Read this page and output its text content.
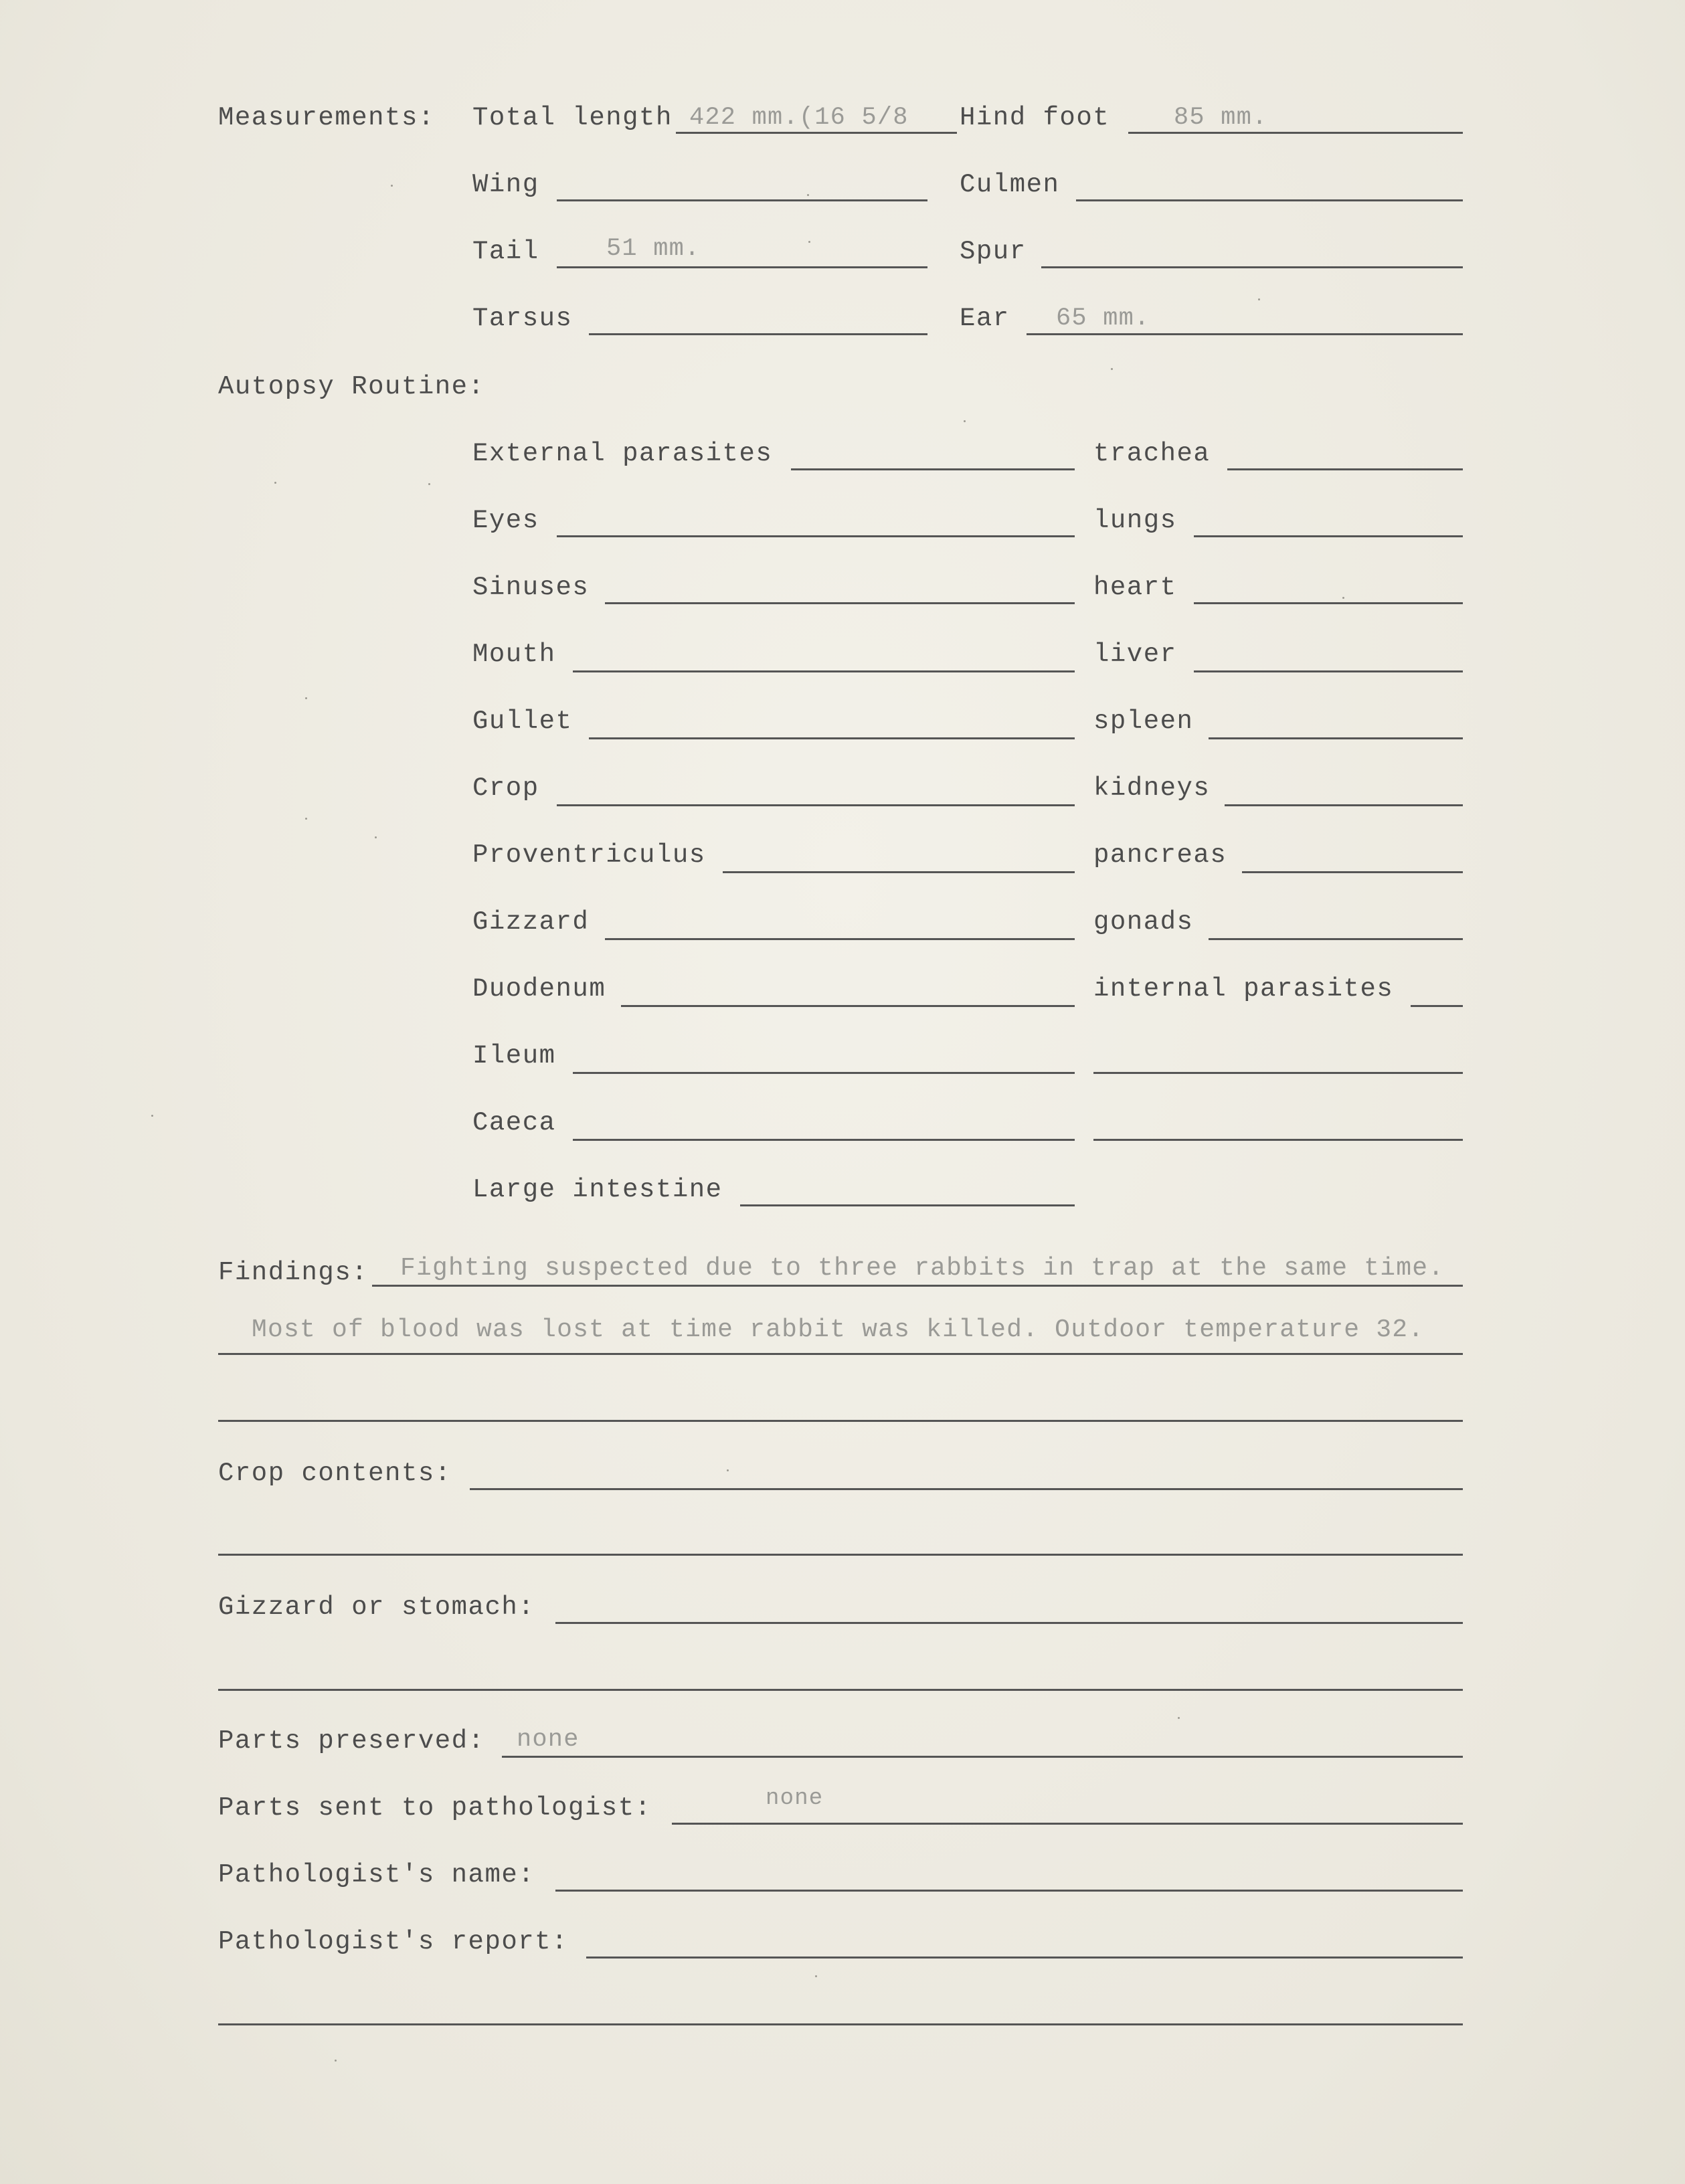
Measurements: Total length 422 mm.(16 5/8 Hind foot	85 mm.
Wing	Culmen
Tail	51 mm.	Spur
Tarsus	Ear 65 mm.
Autopsy Routine:
External parasites	trachea
Eyes	lungs
Sinuses	heart
Mouth	liver
Gullet	spleen
Crop	kidneys
Proventriculus	pancreas
Gizzard	gonads
Duodenum	internal parasites
Ileum
Caeca
Large intestine
Findings: Fighting suspected due to three rabbits in trap at the same time.
Most of blood was lost at time rabbit was killed. Outdoor temperature 32.
Crop contents:
Gizzard or stomach:
Parts preserved: none
Parts sent to pathologist:	none
Pathologist's name:
Pathologist's report:
